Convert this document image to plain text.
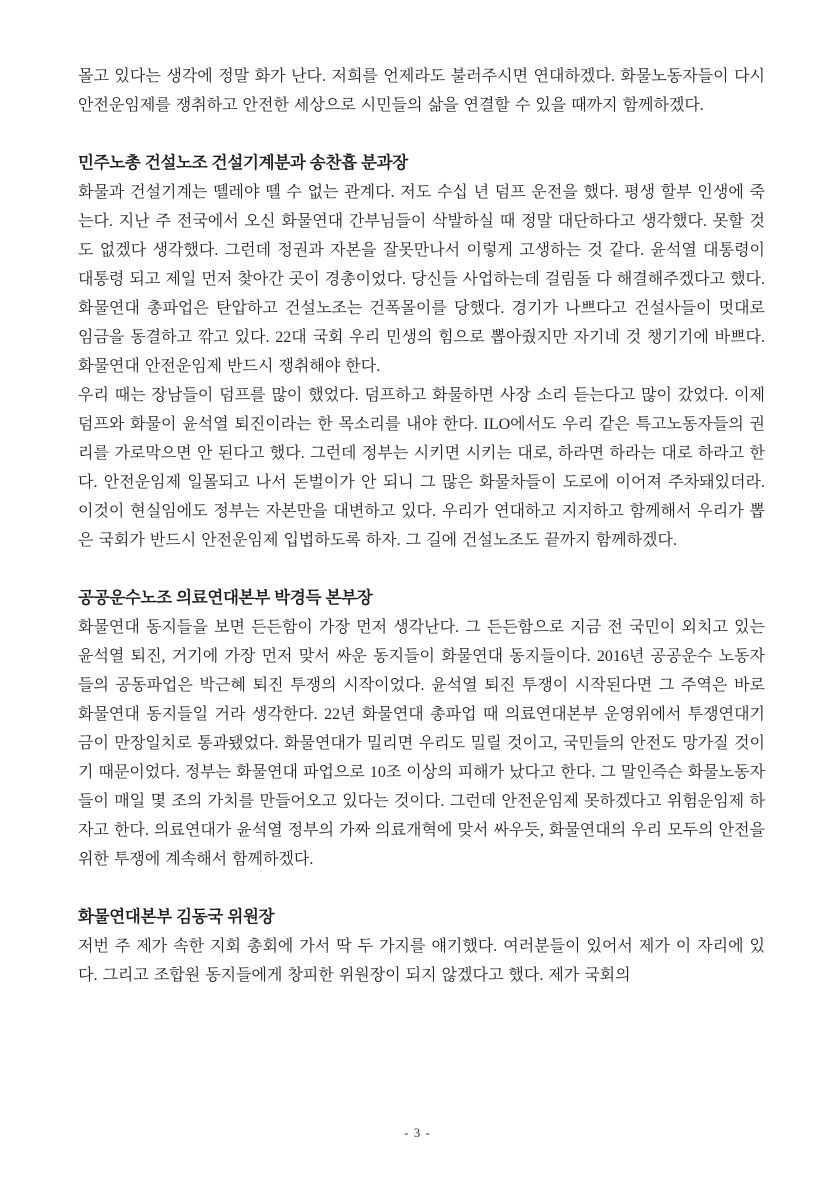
몰고 있다는 생각에 정말 화가 난다. 저희를 언제라도 불러주시면 연대하겠다. 화물노동자들이 다시 안전운임제를 쟁취하고 안전한 세상으로 시민들의 삶을 연결할 수 있을 때까지 함께하겠다.

민주노총 건설노조 건설기계분과 송찬흡 분과장

화물과 건설기계는 뗄레야 뗄 수 없는 관계다. 저도 수십 년 덤프 운전을 했다. 평생 할부 인생에 죽는다. 지난 주 전국에서 오신 화물연대 간부님들이 삭발하실 때 정말 대단하다고 생각했다. 못할 것도 없겠다 생각했다. 그런데 정권과 자본을 잘못만나서 이렇게 고생하는 것 같다. 윤석열 대통령이 대통령 되고 제일 먼저 찾아간 곳이 경총이었다. 당신들 사업하는데 걸림돌 다 해결해주겠다고 했다. 화물연대 총파업은 탄압하고 건설노조는 건폭몰이를 당했다. 경기가 나쁘다고 건설사들이 멋대로 임금을 동결하고 깎고 있다. 22대 국회 우리 민생의 힘으로 뽑아줬지만 자기네 것 챙기기에 바쁘다. 화물연대 안전운임제 반드시 쟁취해야 한다.

우리 때는 장남들이 덤프를 많이 했었다. 덤프하고 화물하면 사장 소리 듣는다고 많이 갔었다. 이제 덤프와 화물이 윤석열 퇴진이라는 한 목소리를 내야 한다. ILO에서도 우리 같은 특고노동자들의 권리를 가로막으면 안 된다고 했다. 그런데 정부는 시키면 시키는 대로, 하라면 하라는 대로 하라고 한다. 안전운임제 일몰되고 나서 돈벌이가 안 되니 그 많은 화물차들이 도로에 이어져 주차돼있더라. 이것이 현실임에도 정부는 자본만을 대변하고 있다. 우리가 연대하고 지지하고 함께해서 우리가 뽑은 국회가 반드시 안전운임제 입법하도록 하자. 그 길에 건설노조도 끝까지 함께하겠다.

공공운수노조 의료연대본부 박경득 본부장

화물연대 동지들을 보면 든든함이 가장 먼저 생각난다. 그 든든함으로 지금 전 국민이 외치고 있는 윤석열 퇴진, 거기에 가장 먼저 맞서 싸운 동지들이 화물연대 동지들이다. 2016년 공공운수 노동자들의 공동파업은 박근혜 퇴진 투쟁의 시작이었다. 윤석열 퇴진 투쟁이 시작된다면 그 주역은 바로 화물연대 동지들일 거라 생각한다. 22년 화물연대 총파업 때 의료연대본부 운영위에서 투쟁연대기금이 만장일치로 통과됐었다. 화물연대가 밀리면 우리도 밀릴 것이고, 국민들의 안전도 망가질 것이기 때문이었다. 정부는 화물연대 파업으로 10조 이상의 피해가 났다고 한다. 그 말인즉슨 화물노동자들이 매일 몇 조의 가치를 만들어오고 있다는 것이다. 그런데 안전운임제 못하겠다고 위험운임제 하자고 한다. 의료연대가 윤석열 정부의 가짜 의료개혁에 맞서 싸우듯, 화물연대의 우리 모두의 안전을 위한 투쟁에 계속해서 함께하겠다.

화물연대본부 김동국 위원장

저번 주 제가 속한 지회 총회에 가서 딱 두 가지를 얘기했다. 여러분들이 있어서 제가 이 자리에 있다. 그리고 조합원 동지들에게 창피한 위원장이 되지 않겠다고 했다. 제가 국회의

- 3 -
